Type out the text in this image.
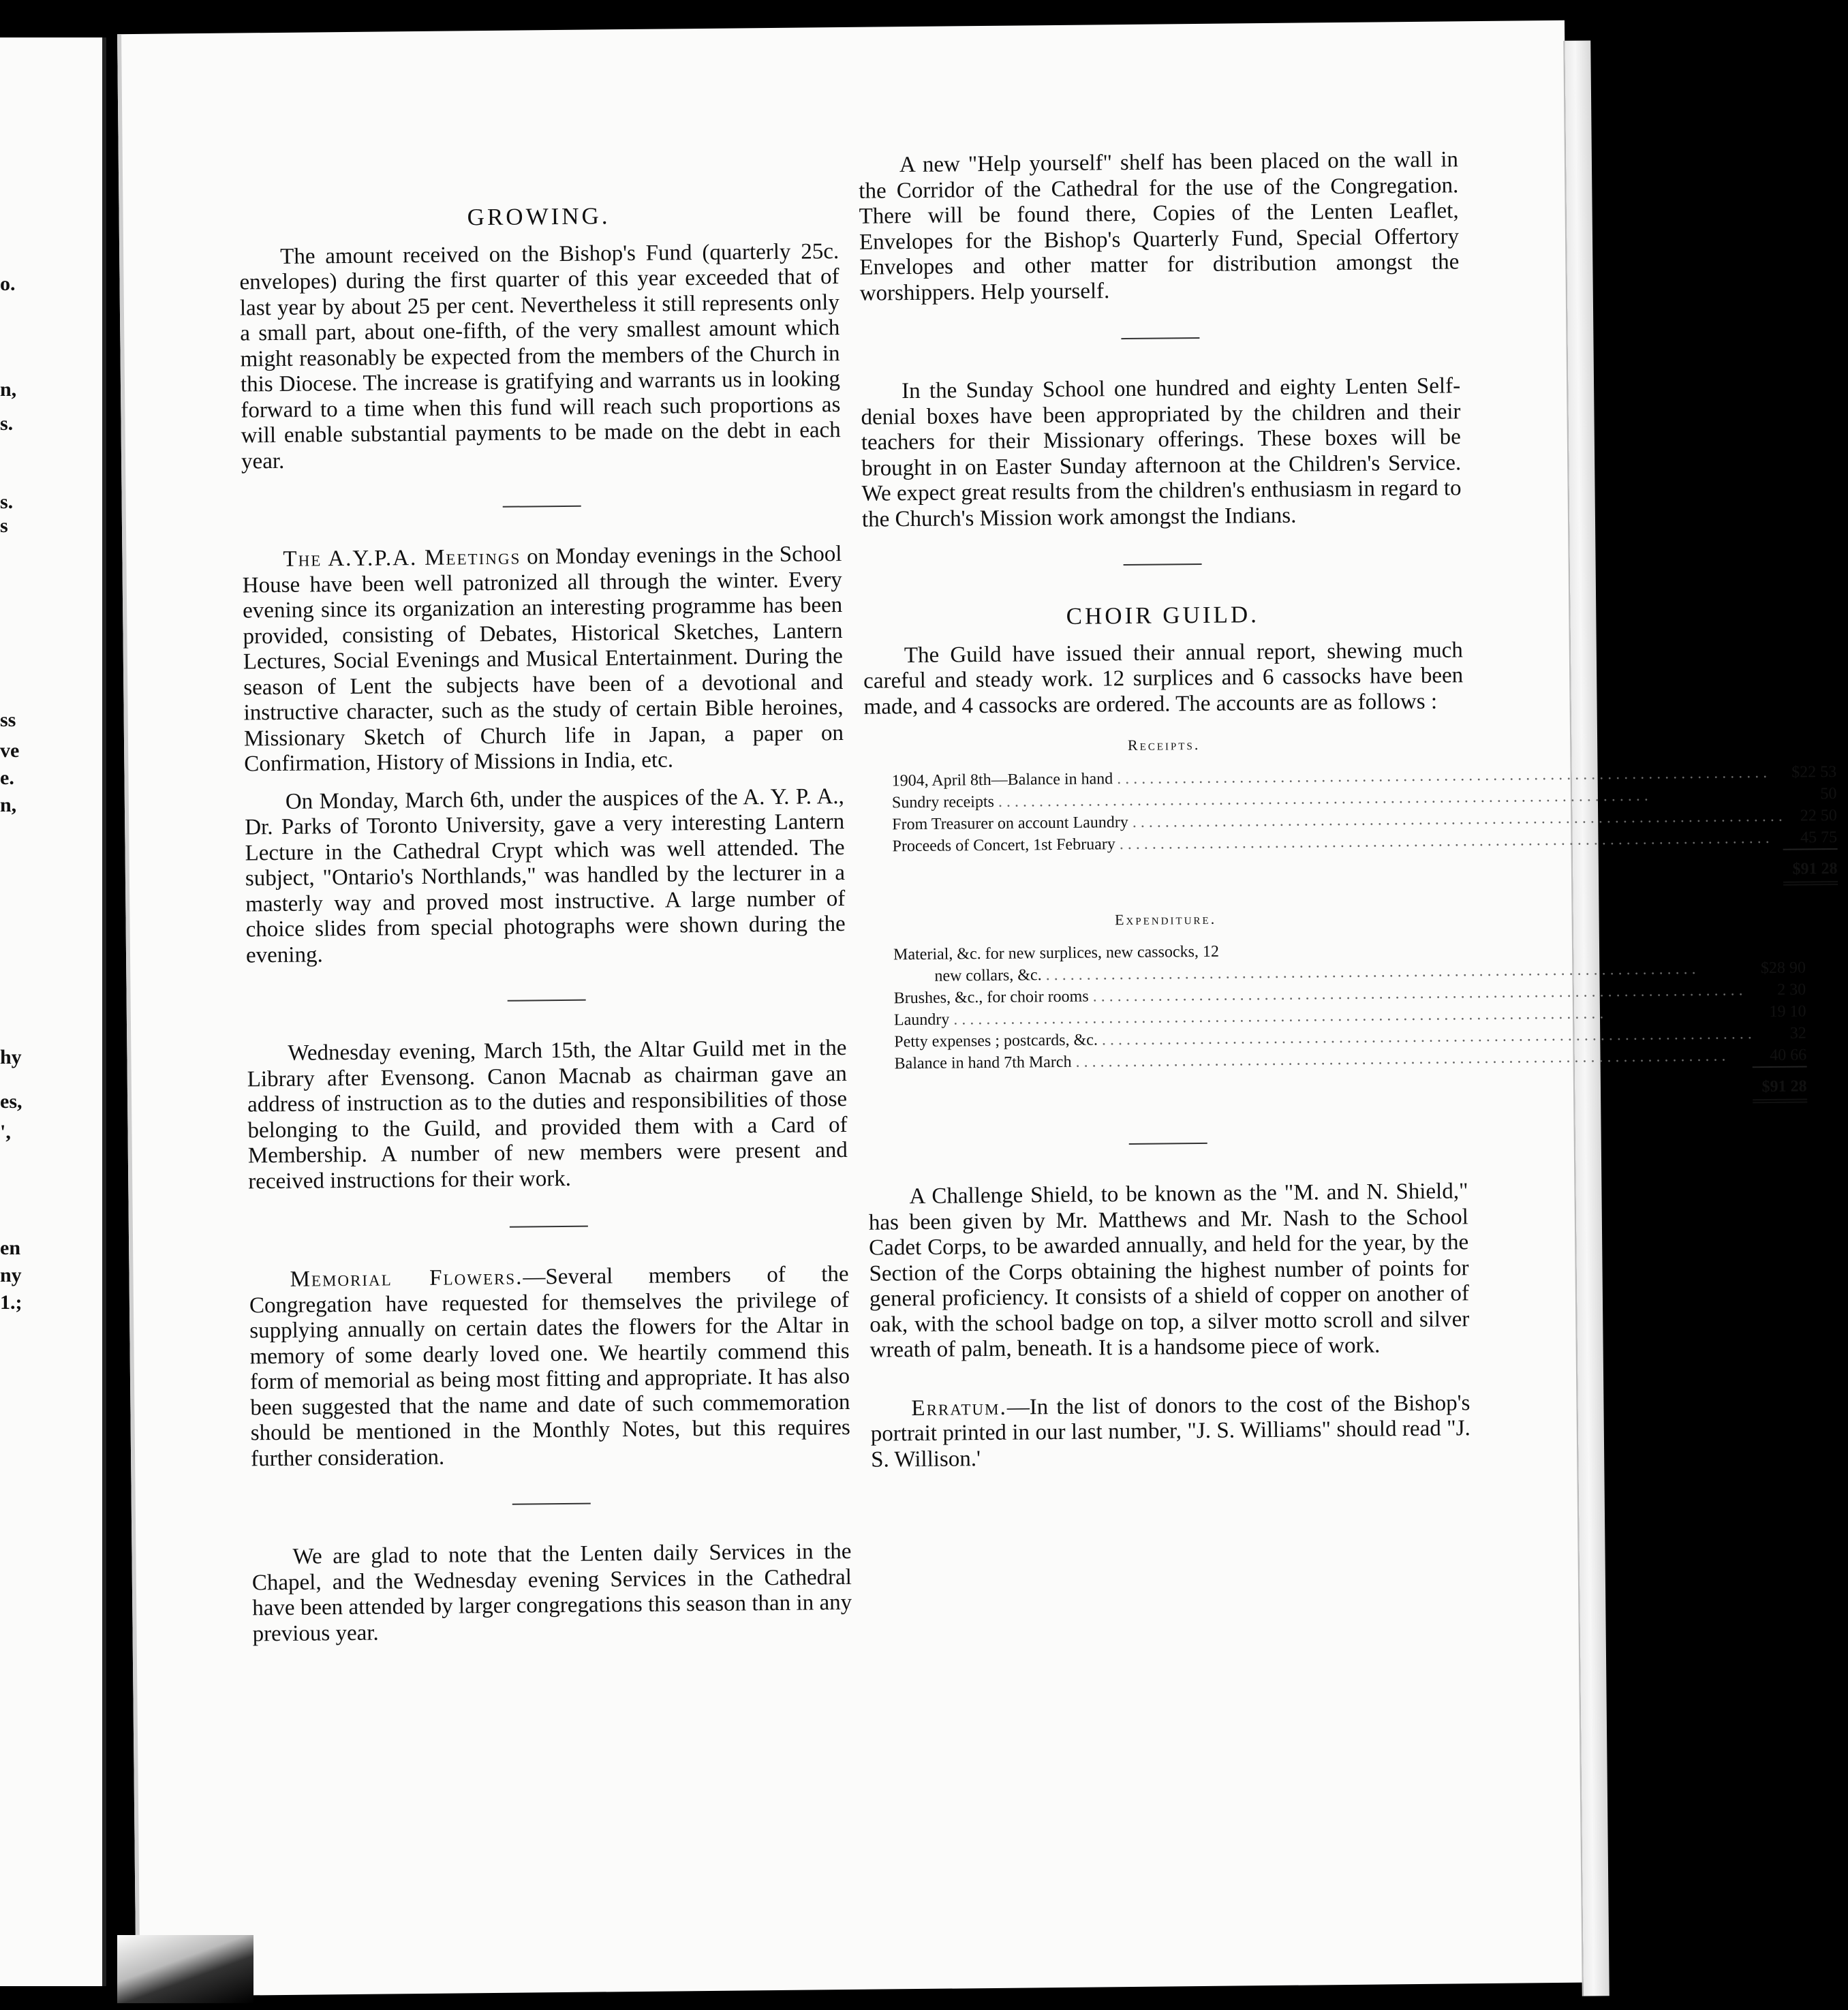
o.
n,
s.
s.
s
ss
ve
e.
n,
hy
es,
',
en
ny
1.;
GROWING.

The amount received on the Bishop's Fund (quarterly 25c. envelopes) during the first quarter of this year exceeded that of last year by about 25 per cent. Nevertheless it still represents only a small part, about one-fifth, of the very smallest amount which might reasonably be expected from the members of the Church in this Diocese. The increase is gratifying and warrants us in looking forward to a time when this fund will reach such proportions as will enable substantial payments to be made on the debt in each year.

The A.Y.P.A. Meetings on Monday evenings in the School House have been well patronized all through the winter. Every evening since its organization an interesting programme has been provided, consisting of Debates, Historical Sketches, Lantern Lectures, Social Evenings and Musical Entertainment. During the season of Lent the subjects have been of a devotional and instructive character, such as the study of certain Bible heroines, Missionary Sketch of Church life in Japan, a paper on Confirmation, History of Missions in India, etc.

On Monday, March 6th, under the auspices of the A. Y. P. A., Dr. Parks of Toronto University, gave a very interesting Lantern Lecture in the Cathedral Crypt which was well attended. The subject, "Ontario's Northlands," was handled by the lecturer in a masterly way and proved most instructive. A large number of choice slides from special photographs were shown during the evening.

Wednesday evening, March 15th, the Altar Guild met in the Library after Evensong. Canon Macnab as chairman gave an address of instruction as to the duties and responsibilities of those belonging to the Guild, and provided them with a Card of Membership. A number of new members were present and received instructions for their work.

Memorial Flowers.—Several members of the Congregation have requested for themselves the privilege of supplying annually on certain dates the flowers for the Altar in memory of some dearly loved one. We heartily commend this form of memorial as being most fitting and appropriate. It has also been suggested that the name and date of such commemoration should be mentioned in the Monthly Notes, but this requires further consideration.

We are glad to note that the Lenten daily Services in the Chapel, and the Wednesday evening Services in the Cathedral have been attended by larger congregations this season than in any previous year.

A new "Help yourself" shelf has been placed on the wall in the Corridor of the Cathedral for the use of the Congregation. There will be found there, Copies of the Lenten Leaflet, Envelopes for the Bishop's Quarterly Fund, Special Offertory Envelopes and other matter for distribution amongst the worshippers. Help yourself.

In the Sunday School one hundred and eighty Lenten Self-denial boxes have been appropriated by the children and their teachers for their Missionary offerings. These boxes will be brought in on Easter Sunday afternoon at the Children's Service. We expect great results from the children's enthusiasm in regard to the Church's Mission work amongst the Indians.

CHOIR GUILD.

The Guild have issued their annual report, shewing much careful and steady work. 12 surplices and 6 cassocks have been made, and 4 cassocks are ordered. The accounts are as follows :

Receipts.
1904, April 8th—Balance in hand . . .	$22 53
Sundry receipts . . .	50
From Treasurer on account Laundry . . .	22 50
Proceeds of Concert, 1st February . . .	45 75
	$91 28

Expenditure.
Material, &c. for new surplices, new cassocks, 12	
new collars, &c. . . .	$28 90
Brushes, &c., for choir rooms . . .	2 30
Laundry . . .	19 10
Petty expenses ; postcards, &c. . . .	32
Balance in hand 7th March . . .	40 66
	$91 28

A Challenge Shield, to be known as the "M. and N. Shield," has been given by Mr. Matthews and Mr. Nash to the School Cadet Corps, to be awarded annually, and held for the year, by the Section of the Corps obtaining the highest number of points for general proficiency. It consists of a shield of copper on another of oak, with the school badge on top, a silver motto scroll and silver wreath of palm, beneath. It is a handsome piece of work.

Erratum.—In the list of donors to the cost of the Bishop's portrait printed in our last number, "J. S. Williams" should read "J. S. Willison.'
